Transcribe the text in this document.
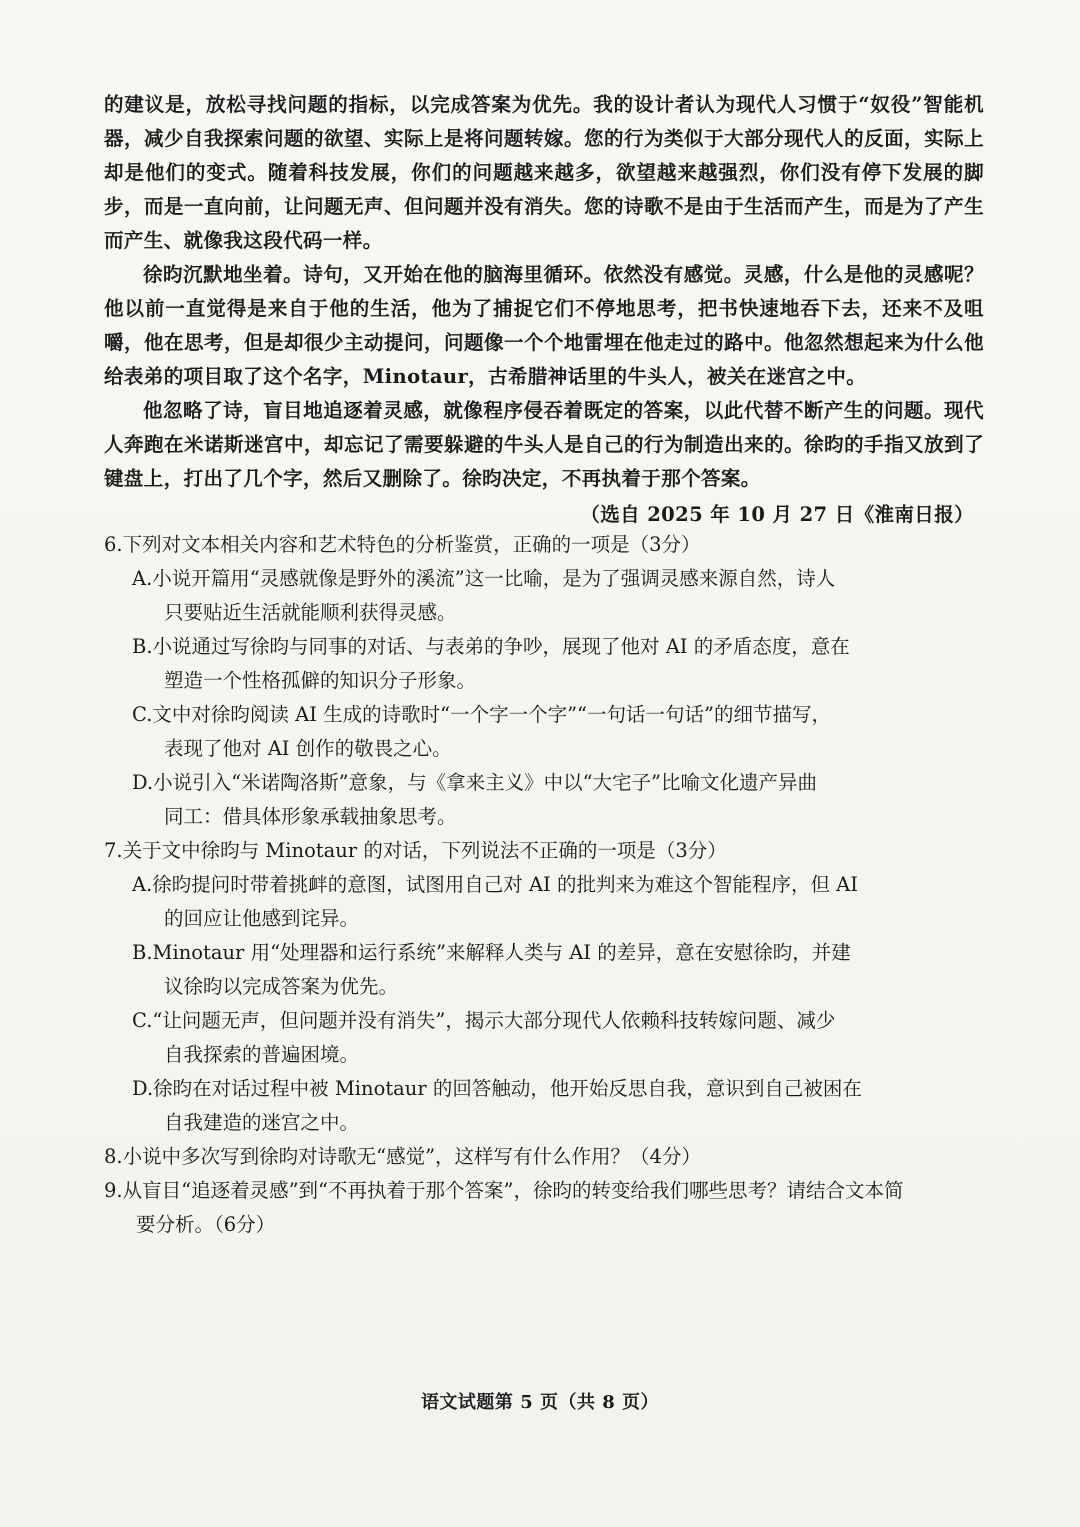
的建议是，放松寻找问题的指标，以完成答案为优先。我的设计者认为现代人习惯于“奴役”智能机器，减少自我探索问题的欲望、实际上是将问题转嫁。您的行为类似于大部分现代人的反面，实际上却是他们的变式。随着科技发展，你们的问题越来越多，欲望越来越强烈，你们没有停下发展的脚步，而是一直向前，让问题无声、但问题并没有消失。您的诗歌不是由于生活而产生，而是为了产生而产生、就像我这段代码一样。

徐昀沉默地坐着。诗句，又开始在他的脑海里循环。依然没有感觉。灵感，什么是他的灵感呢？他以前一直觉得是来自于他的生活，他为了捕捉它们不停地思考，把书快速地吞下去，还来不及咀嚼，他在思考，但是却很少主动提问，问题像一个个地雷埋在他走过的路中。他忽然想起来为什么他给表弟的项目取了这个名字，Minotaur，古希腊神话里的牛头人，被关在迷宫之中。

他忽略了诗，盲目地追逐着灵感，就像程序侵吞着既定的答案，以此代替不断产生的问题。现代人奔跑在米诺斯迷宫中，却忘记了需要躲避的牛头人是自己的行为制造出来的。徐昀的手指又放到了键盘上，打出了几个字，然后又删除了。徐昀决定，不再执着于那个答案。

（选自 2025 年 10 月 27 日《淮南日报）

6.下列对文本相关内容和艺术特色的分析鉴赏，正确的一项是（3分）

A.小说开篇用“灵感就像是野外的溪流”这一比喻，是为了强调灵感来源自然，诗人
只要贴近生活就能顺利获得灵感。

B.小说通过写徐昀与同事的对话、与表弟的争吵，展现了他对 AI 的矛盾态度，意在
塑造一个性格孤僻的知识分子形象。

C.文中对徐昀阅读 AI 生成的诗歌时“一个字一个字”“一句话一句话”的细节描写，
表现了他对 AI 创作的敬畏之心。

D.小说引入“米诺陶洛斯”意象，与《拿来主义》中以“大宅子”比喻文化遗产异曲
同工：借具体形象承载抽象思考。

7.关于文中徐昀与 Minotaur 的对话，下列说法不正确的一项是（3分）

A.徐昀提问时带着挑衅的意图，试图用自己对 AI 的批判来为难这个智能程序，但 AI
的回应让他感到诧异。

B.Minotaur 用“处理器和运行系统”来解释人类与 AI 的差异，意在安慰徐昀，并建
议徐昀以完成答案为优先。

C.“让问题无声，但问题并没有消失”，揭示大部分现代人依赖科技转嫁问题、减少
自我探索的普遍困境。

D.徐昀在对话过程中被 Minotaur 的回答触动，他开始反思自我，意识到自己被困在
自我建造的迷宫之中。

8.小说中多次写到徐昀对诗歌无“感觉”，这样写有什么作用？（4分）

9.从盲目“追逐着灵感”到“不再执着于那个答案”，徐昀的转变给我们哪些思考？请结合文本简
要分析。（6分）

语文试题第 5 页（共 8 页）
